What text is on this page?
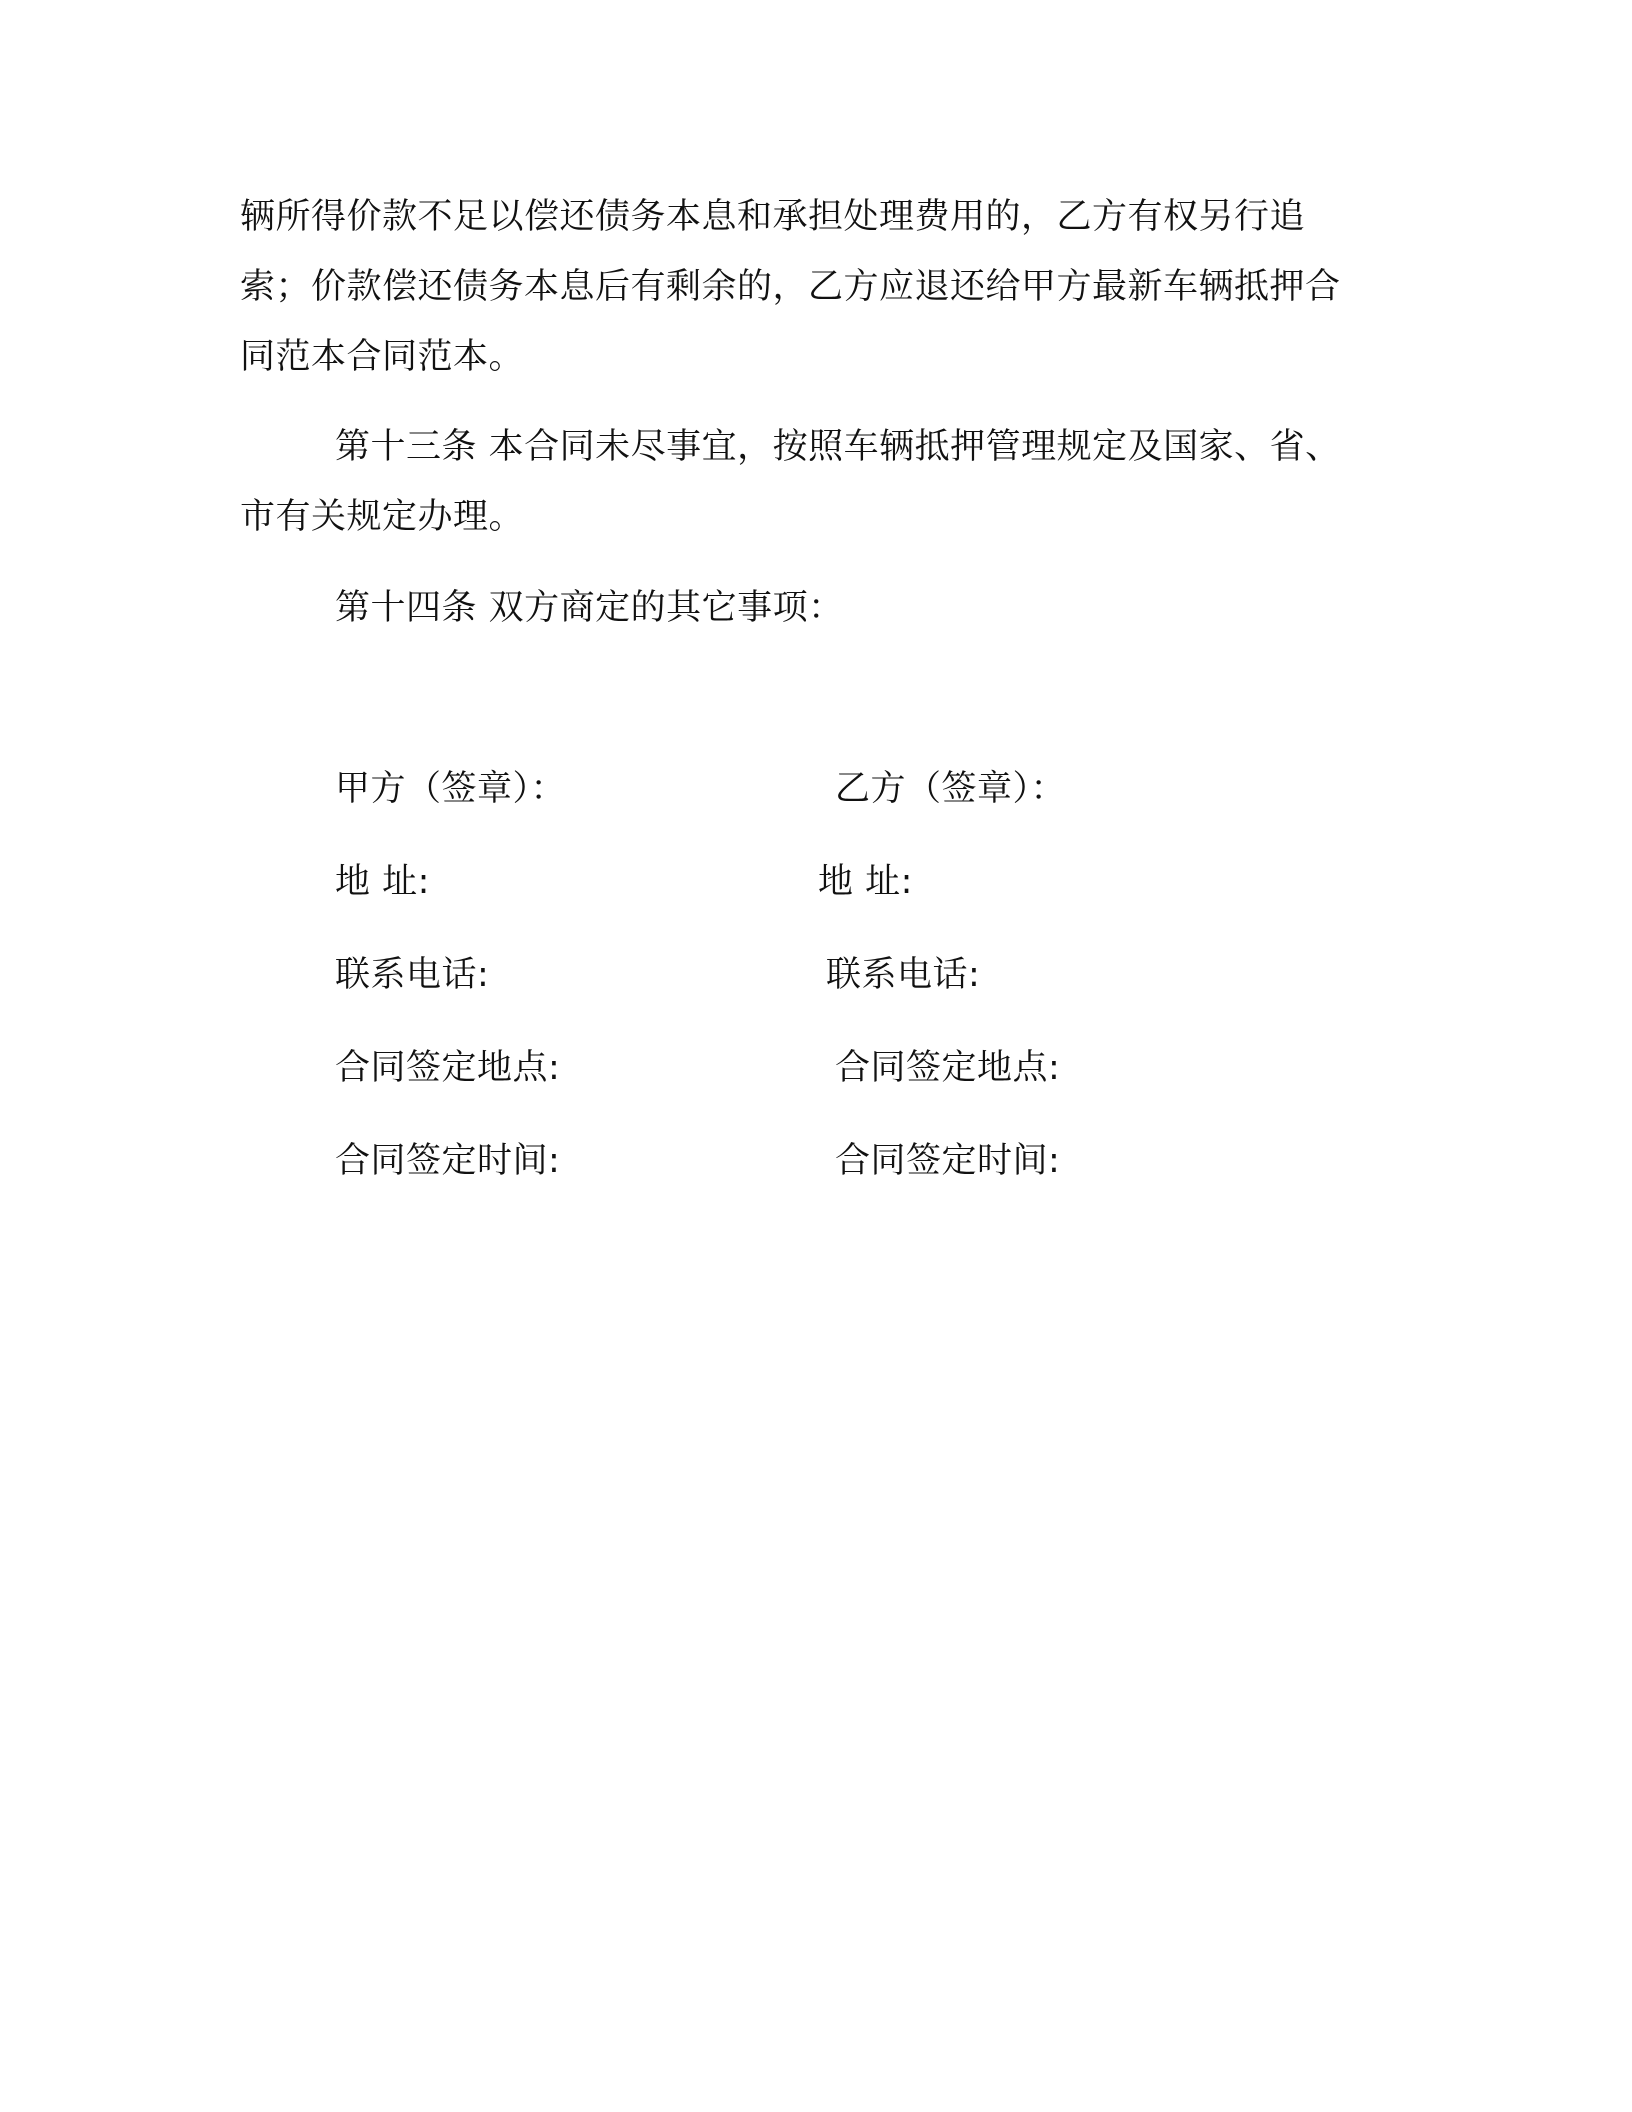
辆所得价款不足以偿还债务本息和承担处理费用的，乙方有权另行追索；价款偿还债务本息后有剩余的，乙方应退还给甲方最新车辆抵押合同范本合同范本。

第十三条 本合同未尽事宜，按照车辆抵押管理规定及国家、省、市有关规定办理。

第十四条 双方商定的其它事项：

甲方（签章）：
地 址:
联系电话:
合同签定地点:
合同签定时间:
乙方（签章）：
地 址:
联系电话:
合同签定地点:
合同签定时间:
